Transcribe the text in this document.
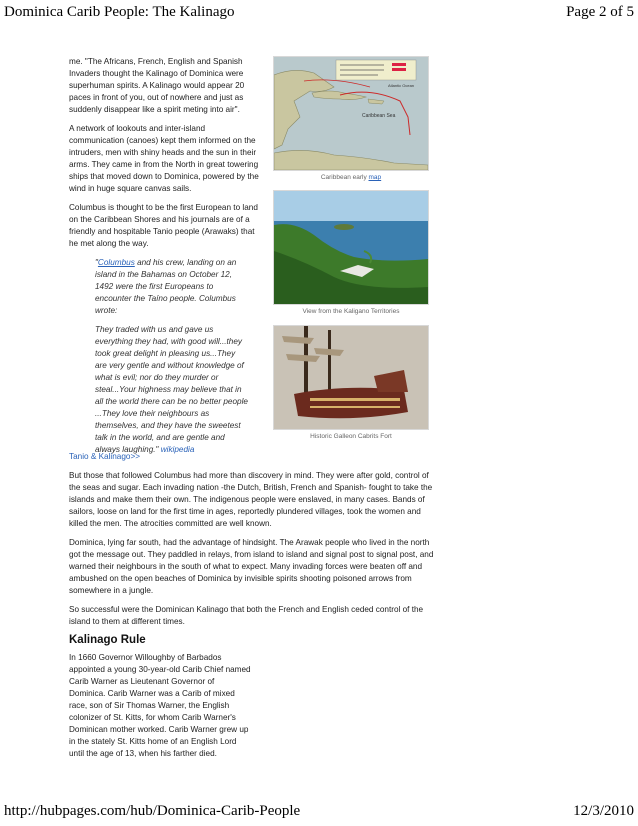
Dominica Carib People: The Kalinago	Page 2 of 5

me. "The Africans, French, English and Spanish Invaders thought the Kalinago of Dominica were superhuman spirits. A Kalinago would appear 20 paces in front of you, out of nowhere and just as suddenly disappear like a spirit meting into air".

A network of lookouts and inter-island communication (canoes) kept them informed on the intruders, men with shiny heads and the sun in their arms. They came in from the North in great towering ships that moved down to Dominica, powered by the wind in huge square canvas sails.

Columbus is thought to be the first European to land on the Caribbean Shores and his journals are of a friendly and hospitable Tanio people (Arawaks) that he met along the way.

"Columbus and his crew, landing on an island in the Bahamas on October 12, 1492 were the first Europeans to encounter the Taíno people. Columbus wrote:

They traded with us and gave us everything they had, with good will...they took great delight in pleasing us...They are very gentle and without knowledge of what is evil; nor do they murder or steal...Your highness may believe that in all the world there can be no better people ...They love their neighbours as themselves, and they have the sweetest talk in the world, and are gentle and always laughing." wikipedia

Caribbean Sea
Atlantic Ocean
Caribbean early map
View from the Kaligano Territories
Historic Galleon Cabrits Fort
Tanio & Kalinago>>

But those that followed Columbus had more than discovery in mind. They were after gold, control of the seas and sugar. Each invading nation -the Dutch, British, French and Spanish- fought to take the islands and make them their own. The indigenous people were enslaved, in many cases. Bands of sailors, loose on land for the first time in ages, reportedly plundered villages, took the women and killed the men. The atrocities committed are well known.

Dominica, lying far south, had the advantage of hindsight. The Arawak people who lived in the north got the message out. They paddled in relays, from island to island and signal post to signal post, and warned their neighbours in the south of what to expect. Many invading forces were beaten off and ambushed on the open beaches of Dominica by invisible spirits shooting poisoned arrows from somewhere in a jungle.

So successful were the Dominican Kalinago that both the French and English ceded control of the island to them at different times.

Kalinago Rule

In 1660 Governor Willoughby of Barbados appointed a young 30-year-old Carib Chief named Carib Warner as Lieutenant Governor of Dominica. Carib Warner was a Carib of mixed race, son of Sir Thomas Warner, the English colonizer of St. Kitts, for whom Carib Warner's Dominican mother worked. Carib Warner grew up in the stately St. Kitts home of an English Lord until the age of 13, when his farther died.

http://hubpages.com/hub/Dominica-Carib-People	12/3/2010
